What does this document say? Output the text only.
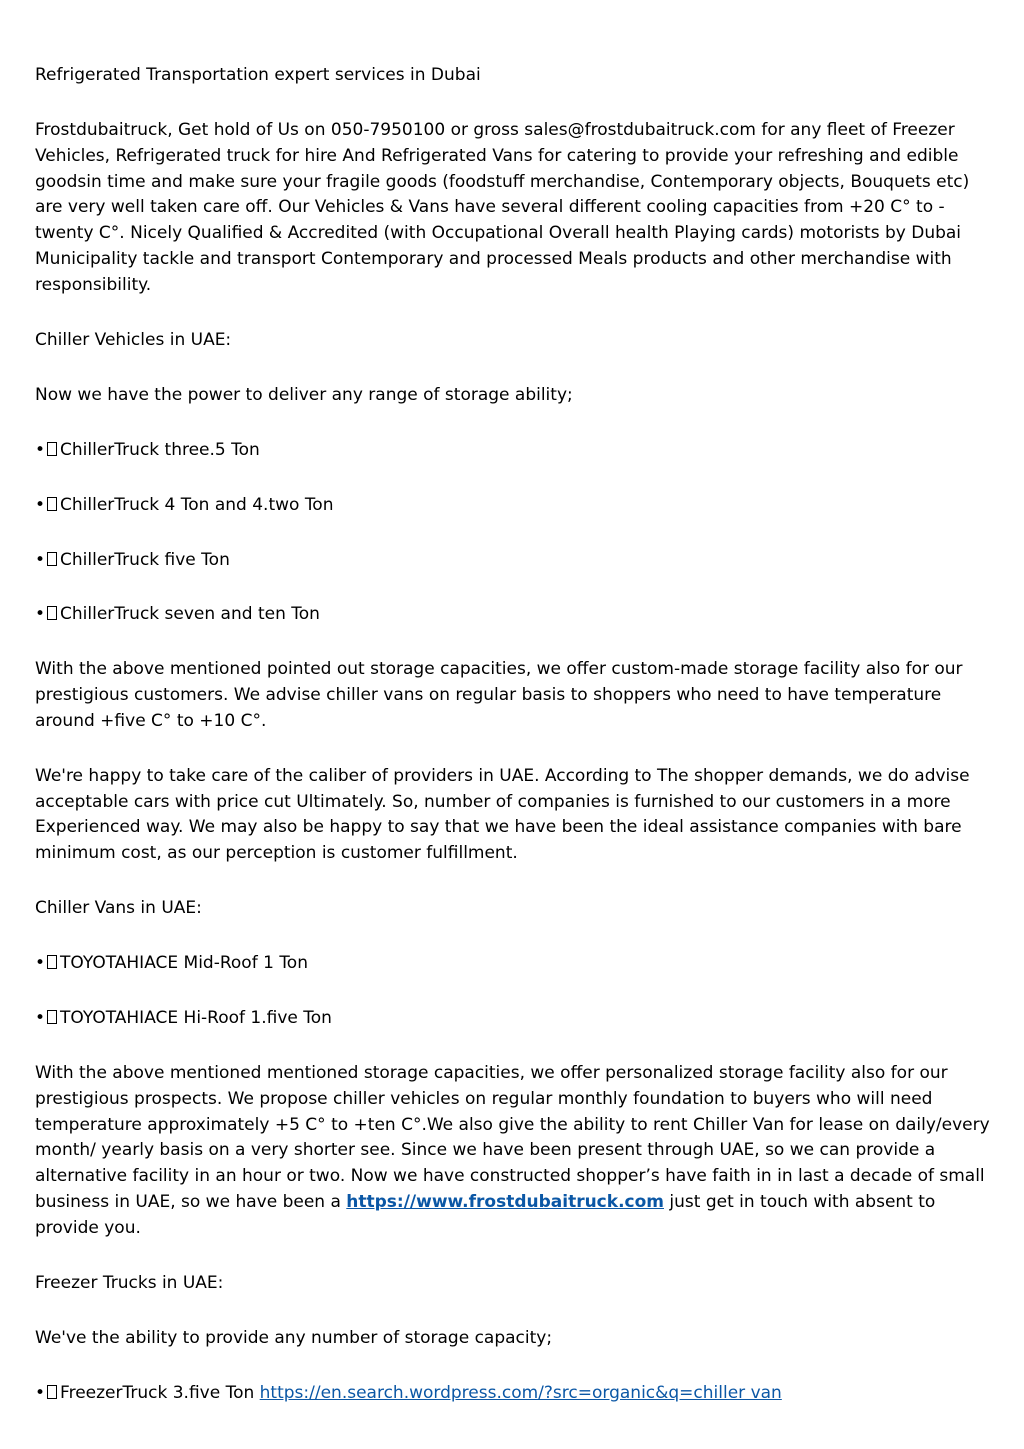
Refrigerated Transportation expert services in Dubai

Frostdubaitruck, Get hold of Us on 050-7950100 or gross sales@frostdubaitruck.com for any fleet of Freezer Vehicles, Refrigerated truck for hire And Refrigerated Vans for catering to provide your refreshing and edible goodsin time and make sure your fragile goods (foodstuff merchandise, Contemporary objects, Bouquets etc) are very well taken care off. Our Vehicles & Vans have several different cooling capacities from +20 C° to - twenty C°. Nicely Qualified & Accredited (with Occupational Overall health Playing cards) motorists by Dubai Municipality tackle and transport Contemporary and processed Meals products and other merchandise with responsibility.

Chiller Vehicles in UAE:

Now we have the power to deliver any range of storage ability;

• ChillerTruck three.5 Ton

• ChillerTruck 4 Ton and 4.two Ton

• ChillerTruck five Ton

• ChillerTruck seven and ten Ton

With the above mentioned pointed out storage capacities, we offer custom-made storage facility also for our prestigious customers. We advise chiller vans on regular basis to shoppers who need to have temperature around +five C° to +10 C°.

We're happy to take care of the caliber of providers in UAE. According to The shopper demands, we do advise acceptable cars with price cut Ultimately. So, number of companies is furnished to our customers in a more Experienced way. We may also be happy to say that we have been the ideal assistance companies with bare minimum cost, as our perception is customer fulfillment.

Chiller Vans in UAE:

• TOYOTAHIACE Mid-Roof 1 Ton

• TOYOTAHIACE Hi-Roof 1.five Ton

With the above mentioned mentioned storage capacities, we offer personalized storage facility also for our prestigious prospects. We propose chiller vehicles on regular monthly foundation to buyers who will need temperature approximately +5 C° to +ten C°.We also give the ability to rent Chiller Van for lease on daily/every month/ yearly basis on a very shorter see. Since we have been present through UAE, so we can provide a alternative facility in an hour or two. Now we have constructed shopper’s have faith in in last a decade of small business in UAE, so we have been a https://www.frostdubaitruck.com just get in touch with absent to provide you.

Freezer Trucks in UAE:

We've the ability to provide any number of storage capacity;

• FreezerTruck 3.five Ton https://en.search.wordpress.com/?src=organic&q=chiller van
